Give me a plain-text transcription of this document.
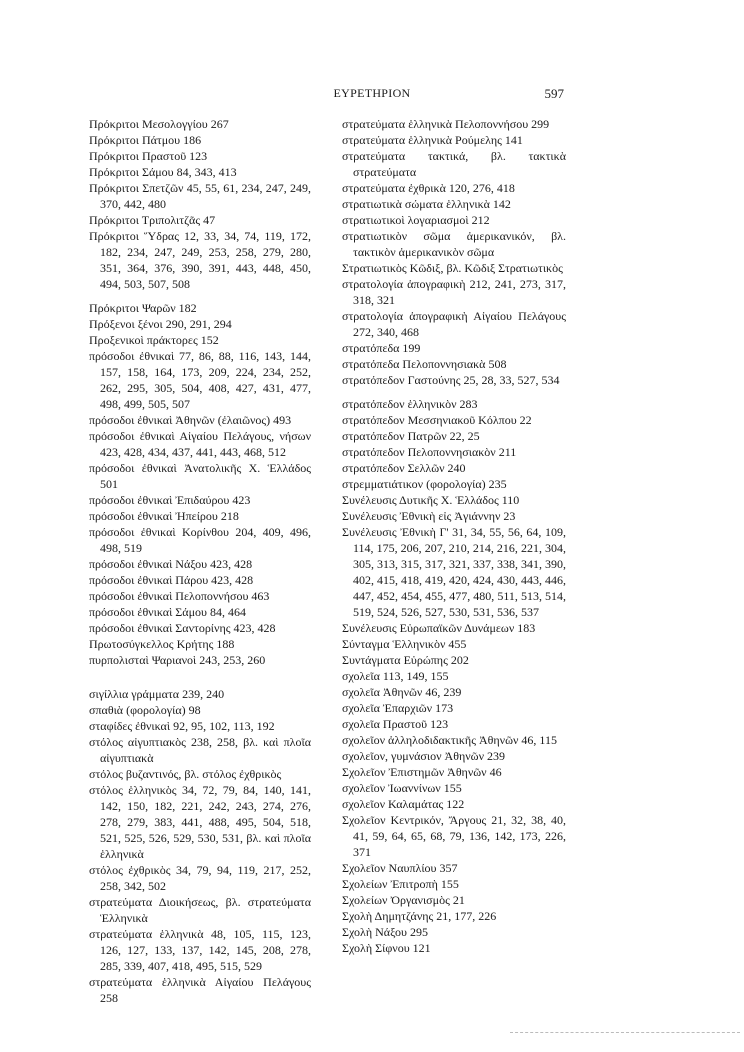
ΕΥΡΕΤΗΡΙΟΝ	597

Πρόκριτοι Μεσολογγίου 267

Πρόκριτοι Πάτμου 186

Πρόκριτοι Πραστοῦ 123

Πρόκριτοι Σάμου 84, 343, 413

Πρόκριτοι Σπετζῶν 45, 55, 61, 234, 247, 249, 370, 442, 480

Πρόκριτοι Τριπολιτζᾶς 47

Πρόκριτοι Ὕδρας 12, 33, 34, 74, 119, 172, 182, 234, 247, 249, 253, 258, 279, 280, 351, 364, 376, 390, 391, 443, 448, 450, 494, 503, 507, 508

Πρόκριτοι Ψαρῶν 182

Πρόξενοι ξένοι 290, 291, 294

Προξενικοὶ πράκτορες 152

πρόσοδοι ἐθνικαὶ 77, 86, 88, 116, 143, 144, 157, 158, 164, 173, 209, 224, 234, 252, 262, 295, 305, 504, 408, 427, 431, 477, 498, 499, 505, 507

πρόσοδοι ἐθνικαὶ Ἀθηνῶν (ἐλαιῶνος) 493

πρόσοδοι ἐθνικαὶ Αἰγαίου Πελάγους, νήσων 423, 428, 434, 437, 441, 443, 468, 512

πρόσοδοι ἐθνικαὶ Ἀνατολικῆς Χ. Ἑλλάδος 501

πρόσοδοι ἐθνικαὶ Ἐπιδαύρου 423

πρόσοδοι ἐθνικαὶ Ἠπείρου 218

πρόσοδοι ἐθνικαὶ Κορίνθου 204, 409, 496, 498, 519

πρόσοδοι ἐθνικαὶ Νάξου 423, 428

πρόσοδοι ἐθνικαὶ Πάρου 423, 428

πρόσοδοι ἐθνικαὶ Πελοποννήσου 463

πρόσοδοι ἐθνικαὶ Σάμου 84, 464

πρόσοδοι ἐθνικαὶ Σαντορίνης 423, 428

Πρωτοσύγκελλος Κρήτης 188

πυρπολισταὶ Ψαριανοὶ 243, 253, 260

σιγίλλια γράμματα 239, 240

σπαθιὰ (φορολογία) 98

σταφίδες ἐθνικαὶ 92, 95, 102, 113, 192

στόλος αἰγυπτιακὸς 238, 258, βλ. καὶ πλοῖα αἰγυπτιακὰ

στόλος βυζαντινός, βλ. στόλος ἐχθρικὸς

στόλος ἑλληνικὸς 34, 72, 79, 84, 140, 141, 142, 150, 182, 221, 242, 243, 274, 276, 278, 279, 383, 441, 488, 495, 504, 518, 521, 525, 526, 529, 530, 531, βλ. καὶ πλοῖα ἑλληνικὰ

στόλος ἐχθρικὸς 34, 79, 94, 119, 217, 252, 258, 342, 502

στρατεύματα Διοικήσεως, βλ. στρατεύματα Ἑλληνικὰ

στρατεύματα ἑλληνικὰ 48, 105, 115, 123, 126, 127, 133, 137, 142, 145, 208, 278, 285, 339, 407, 418, 495, 515, 529

στρατεύματα ἑλληνικὰ Αἰγαίου Πελάγους 258

στρατεύματα ἑλληνικὰ Πελοποννήσου 299

στρατεύματα ἑλληνικὰ Ρούμελης 141

στρατεύματα τακτικά, βλ. τακτικὰ στρατεύματα

στρατεύματα ἐχθρικὰ 120, 276, 418

στρατιωτικὰ σώματα ἑλληνικὰ 142

στρατιωτικοὶ λογαριασμοὶ 212

στρατιωτικὸν σῶμα ἀμερικανικόν, βλ. τακτικὸν ἀμερικανικὸν σῶμα

Στρατιωτικὸς Κῶδιξ, βλ. Κῶδιξ Στρατιωτικὸς

στρατολογία ἀπογραφικὴ 212, 241, 273, 317, 318, 321

στρατολογία ἀπογραφικὴ Αἰγαίου Πελάγους 272, 340, 468

στρατόπεδα 199

στρατόπεδα Πελοποννησιακὰ 508

στρατόπεδον Γαστούνης 25, 28, 33, 527, 534

στρατόπεδον ἑλληνικὸν 283

στρατόπεδον Μεσσηνιακοῦ Κόλπου 22

στρατόπεδον Πατρῶν 22, 25

στρατόπεδον Πελοποννησιακὸν 211

στρατόπεδον Σελλῶν 240

στρεμματιάτικον (φορολογία) 235

Συνέλευσις Δυτικῆς Χ. Ἑλλάδος 110

Συνέλευσις Ἐθνικὴ εἰς Ἀγιάννην 23

Συνέλευσις Ἐθνικὴ Γ' 31, 34, 55, 56, 64, 109, 114, 175, 206, 207, 210, 214, 216, 221, 304, 305, 313, 315, 317, 321, 337, 338, 341, 390, 402, 415, 418, 419, 420, 424, 430, 443, 446, 447, 452, 454, 455, 477, 480, 511, 513, 514, 519, 524, 526, 527, 530, 531, 536, 537

Συνέλευσις Εὐρωπαϊκῶν Δυνάμεων 183

Σύνταγμα Ἑλληνικὸν 455

Συντάγματα Εὐρώπης 202

σχολεῖα 113, 149, 155

σχολεῖα Ἀθηνῶν 46, 239

σχολεῖα Ἐπαρχιῶν 173

σχολεῖα Πραστοῦ 123

σχολεῖον ἀλληλοδιδακτικῆς Ἀθηνῶν 46, 115

σχολεῖον, γυμνάσιον Ἀθηνῶν 239

Σχολεῖον Ἐπιστημῶν Ἀθηνῶν 46

σχολεῖον Ἰωαννίνων 155

σχολεῖον Καλαμάτας 122

Σχολεῖον Κεντρικόν, Ἄργους 21, 32, 38, 40, 41, 59, 64, 65, 68, 79, 136, 142, 173, 226, 371

Σχολεῖον Ναυπλίου 357

Σχολείων Ἐπιτροπὴ 155

Σχολείων Ὀργανισμὸς 21

Σχολὴ Δημητζάνης 21, 177, 226

Σχολὴ Νάξου 295

Σχολὴ Σίφνου 121
